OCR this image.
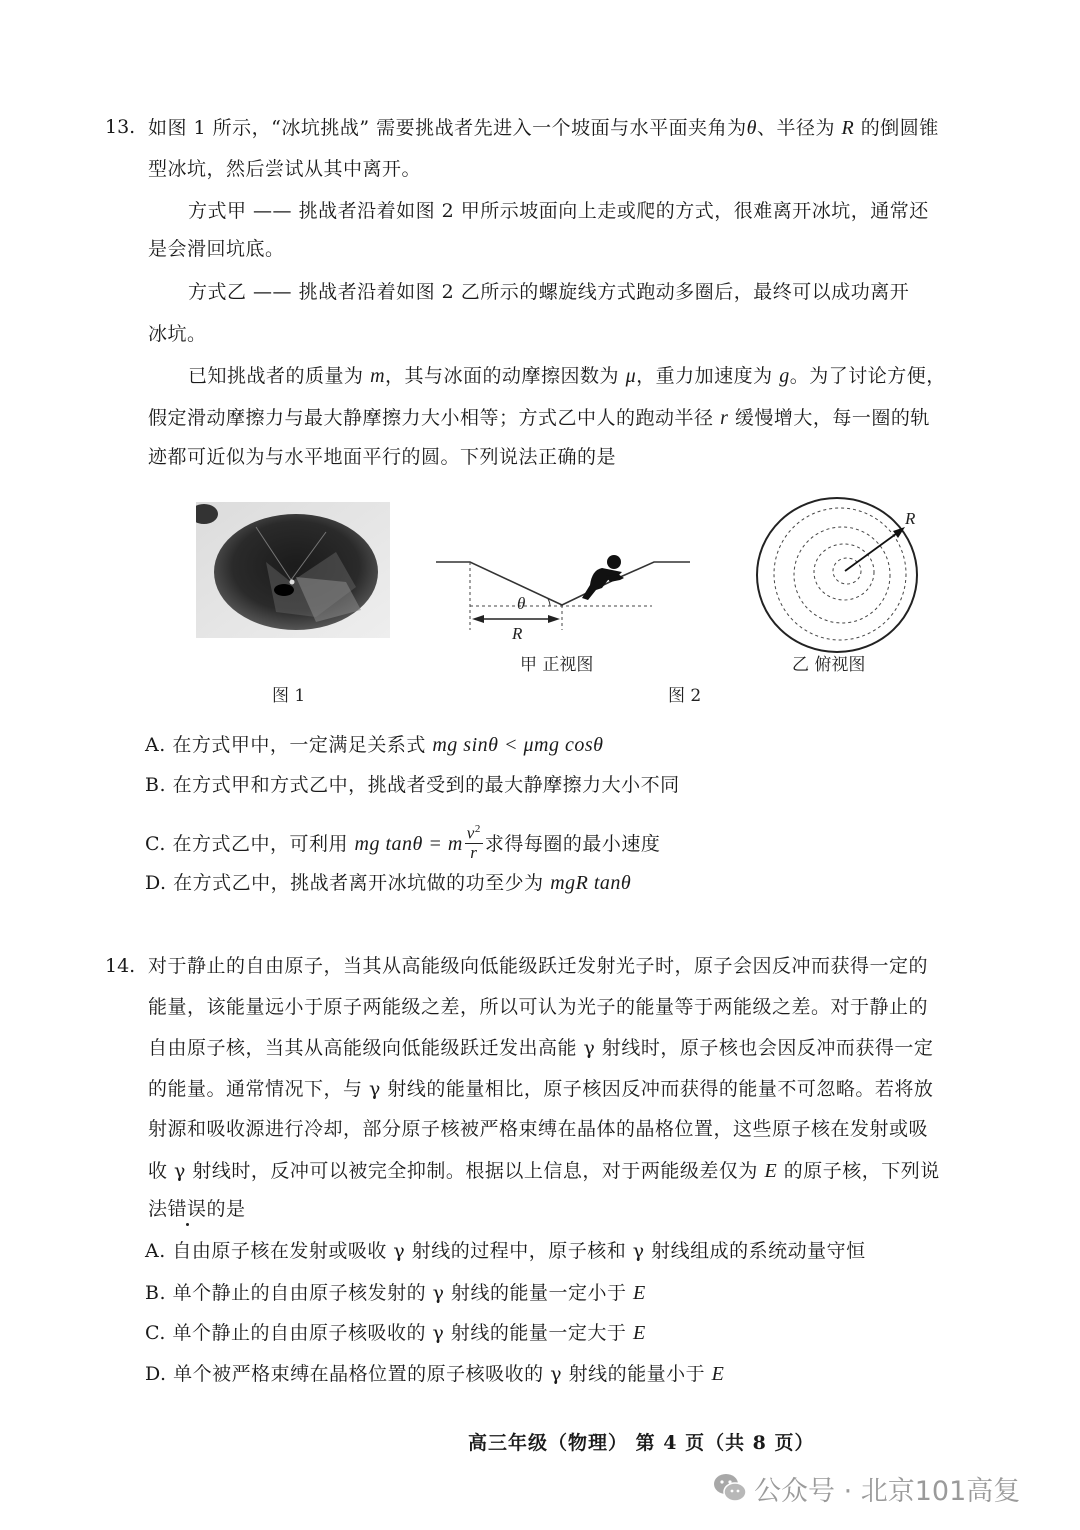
13. 如图 1 所示，“冰坑挑战” 需要挑战者先进入一个坡面与水平面夹角为θ、半径为 R 的倒圆锥
型冰坑，然后尝试从其中离开。
方式甲 —— 挑战者沿着如图 2 甲所示坡面向上走或爬的方式，很难离开冰坑，通常还
是会滑回坑底。
方式乙 —— 挑战者沿着如图 2 乙所示的螺旋线方式跑动多圈后，最终可以成功离开
冰坑。
已知挑战者的质量为 m，其与冰面的动摩擦因数为 μ，重力加速度为 g。为了讨论方便，
假定滑动摩擦力与最大静摩擦力大小相等；方式乙中人的跑动半径 r 缓慢增大，每一圈的轨
迹都可近似为与水平地面平行的圆。下列说法正确的是
图 1
θ
R
甲 正视图
图 2
R
乙 俯视图
A. 在方式甲中，一定满足关系式 mg sinθ < μmg cosθ
B. 在方式甲和方式乙中，挑战者受到的最大静摩擦力大小不同
C. 在方式乙中，可利用 mg tanθ = m $\frac{v^2}{r}$ 求得每圈的最小速度
D. 在方式乙中，挑战者离开冰坑做的功至少为 mgR tanθ
14. 对于静止的自由原子，当其从高能级向低能级跃迁发射光子时，原子会因反冲而获得一定的
能量，该能量远小于原子两能级之差，所以可认为光子的能量等于两能级之差。对于静止的
自由原子核，当其从高能级向低能级跃迁发出高能 γ 射线时，原子核也会因反冲而获得一定
的能量。通常情况下，与 γ 射线的能量相比，原子核因反冲而获得的能量不可忽略。若将放
射源和吸收源进行冷却，部分原子核被严格束缚在晶体的晶格位置，这些原子核在发射或吸
收 γ 射线时，反冲可以被完全抑制。根据以上信息，对于两能级差仅为 E 的原子核，下列说
法错误的是
A. 自由原子核在发射或吸收 γ 射线的过程中，原子核和 γ 射线组成的系统动量守恒
B. 单个静止的自由原子核发射的 γ 射线的能量一定小于 E
C. 单个静止的自由原子核吸收的 γ 射线的能量一定大于 E
D. 单个被严格束缚在晶格位置的原子核吸收的 γ 射线的能量小于 E
高三年级（物理） 第 4 页（共 8 页）
公众号 · 北京101高复
